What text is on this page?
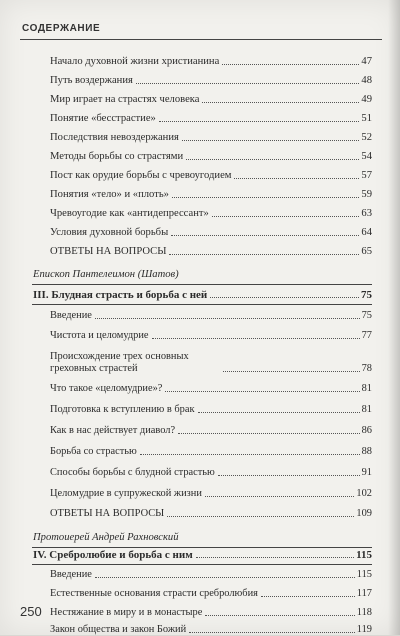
СОДЕРЖАНИЕ
Начало духовной жизни христианина	47
Путь воздержания	48
Мир играет на страстях человека	49
Понятие «бесстрастие»	51
Последствия невоздержания	52
Методы борьбы со страстями	54
Пост как орудие борьбы с чревоугодием	57
Понятия «тело» и «плоть»	59
Чревоугодие как «антидепрессант»	63
Условия духовной борьбы	64
ОТВЕТЫ НА ВОПРОСЫ	65
Епископ Пантелеимон (Шатов)
III. Блудная страсть и борьба с ней	75
Введение	75
Чистота и целомудрие	77
Происхождение трех основных греховных страстей	78
Что такое «целомудрие»?	81
Подготовка к вступлению в брак	81
Как в нас действует диавол?	86
Борьба со страстью	88
Способы борьбы с блудной страстью	91
Целомудрие в супружеской жизни	102
ОТВЕТЫ НА ВОПРОСЫ	109
Протоиерей Андрей Рахновский
IV. Сребролюбие и борьба с ним	115
Введение	115
Естественные основания страсти сребролюбия	117
Нестяжание в миру и в монастыре	118
Закон общества и закон Божий	119
250
